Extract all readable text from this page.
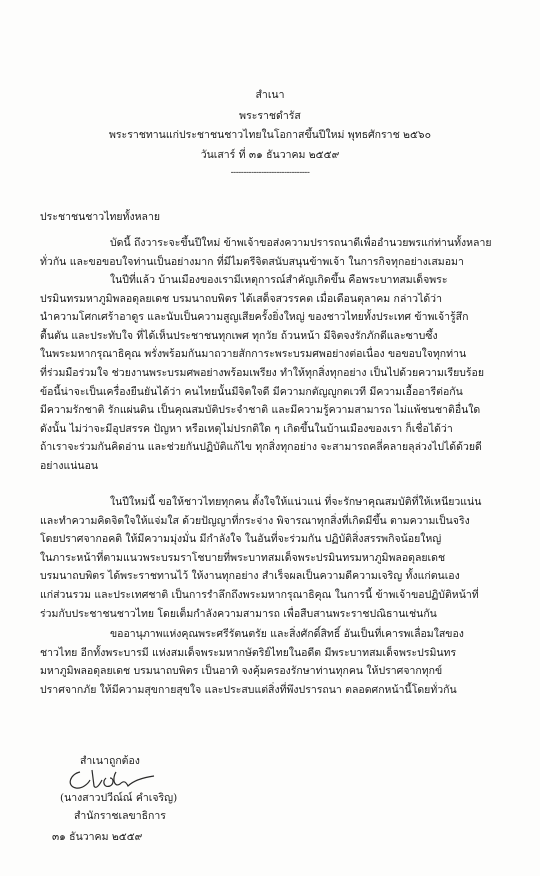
สำเนา
พระราชดำรัส
พระราชทานแก่ประชาชนชาวไทยในโอกาสขึ้นปีใหม่ พุทธศักราช ๒๕๖๐
วันเสาร์ ที่ ๓๑ ธันวาคม ๒๕๕๙
-------------------------------
ประชาชนชาวไทยทั้งหลาย
บัดนี้ ถึงวาระจะขึ้นปีใหม่ ข้าพเจ้าขอส่งความปรารถนาดีเพื่ออำนวยพรแก่ท่านทั้งหลาย
ทั่วกัน และขอขอบใจท่านเป็นอย่างมาก ที่มีไมตรีจิตสนับสนุนข้าพเจ้า ในการกิจทุกอย่างเสมอมา
ในปีที่แล้ว บ้านเมืองของเรามีเหตุการณ์สำคัญเกิดขึ้น คือพระบาทสมเด็จพระ
ปรมินทรมหาภูมิพลอดุลยเดช บรมนาถบพิตร ได้เสด็จสวรรคต เมื่อเดือนตุลาคม กล่าวได้ว่า
นำความโศกเศร้าอาดูร และนับเป็นความสูญเสียครั้งยิ่งใหญ่ ของชาวไทยทั้งประเทศ ข้าพเจ้ารู้สึก
ตื้นตัน และประทับใจ ที่ได้เห็นประชาชนทุกเพศ ทุกวัย ถ้วนหน้า มีจิตจงรักภักดีและซาบซึ้ง
ในพระมหากรุณาธิคุณ พรั่งพร้อมกันมาถวายสักการะพระบรมศพอย่างต่อเนื่อง ขอขอบใจทุกท่าน
ที่ร่วมมือร่วมใจ ช่วยงานพระบรมศพอย่างพร้อมเพรียง ทำให้ทุกสิ่งทุกอย่าง เป็นไปด้วยความเรียบร้อย
ข้อนี้น่าจะเป็นเครื่องยืนยันได้ว่า คนไทยนั้นมีจิตใจดี มีความกตัญญูกตเวที มีความเอื้ออารีต่อกัน
มีความรักชาติ รักแผ่นดิน เป็นคุณสมบัติประจำชาติ และมีความรู้ความสามารถ ไม่แพ้ชนชาติอื่นใด
ดังนั้น ไม่ว่าจะมีอุปสรรค ปัญหา หรือเหตุไม่ปรกติใด ๆ เกิดขึ้นในบ้านเมืองของเรา ก็เชื่อได้ว่า
ถ้าเราจะร่วมกันคิดอ่าน และช่วยกันปฏิบัติแก้ไข ทุกสิ่งทุกอย่าง จะสามารถคลี่คลายลุล่วงไปได้ด้วยดี
อย่างแน่นอน
ในปีใหม่นี้ ขอให้ชาวไทยทุกคน ตั้งใจให้แน่วแน่ ที่จะรักษาคุณสมบัติที่ให้เหนียวแน่น
และทำความคิดจิตใจให้แจ่มใส ด้วยปัญญาที่กระจ่าง พิจารณาทุกสิ่งที่เกิดมีขึ้น ตามความเป็นจริง
โดยปราศจากอคติ ให้มีความมุ่งมั่น มีกำลังใจ ในอันที่จะร่วมกัน ปฏิบัติสิ่งสรรพกิจน้อยใหญ่
ในภาระหน้าที่ตามแนวพระบรมราโชบายที่พระบาทสมเด็จพระปรมินทรมหาภูมิพลอดุลยเดช
บรมนาถบพิตร ได้พระราชทานไว้ ให้งานทุกอย่าง สำเร็จผลเป็นความดีความเจริญ ทั้งแก่ตนเอง
แก่ส่วนรวม และประเทศชาติ เป็นการรำลึกถึงพระมหากรุณาธิคุณ ในการนี้ ข้าพเจ้าขอปฏิบัติหน้าที่
ร่วมกับประชาชนชาวไทย โดยเต็มกำลังความสามารถ เพื่อสืบสานพระราชปณิธานเช่นกัน
ขออานุภาพแห่งคุณพระศรีรัตนตรัย และสิ่งศักดิ์สิทธิ์ อันเป็นที่เคารพเลื่อมใสของ
ชาวไทย อีกทั้งพระบารมี แห่งสมเด็จพระมหากษัตริย์ไทยในอดีต มีพระบาทสมเด็จพระปรมินทร
มหาภูมิพลอดุลยเดช บรมนาถบพิตร เป็นอาทิ จงคุ้มครองรักษาท่านทุกคน ให้ปราศจากทุกข์
ปราศจากภัย ให้มีความสุขกายสุขใจ และประสบแต่สิ่งที่พึงปรารถนา ตลอดศกหน้านี้โดยทั่วกัน
สำเนาถูกต้อง
(นางสาวปวีณ์ณ์ คำเจริญ)
สำนักราชเลขาธิการ
๓๑ ธันวาคม ๒๕๕๙
